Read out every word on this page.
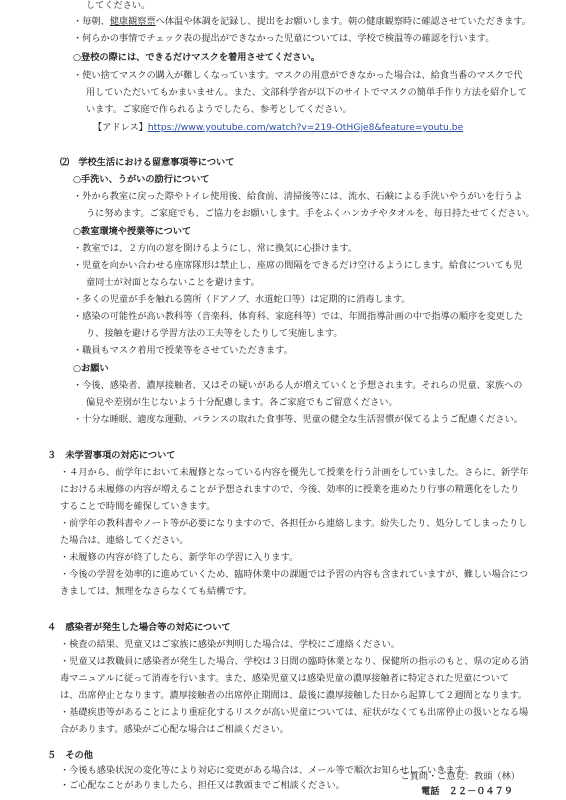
してください。
・毎朝、健康観察票へ体温や体調を記録し、提出をお願いします。朝の健康観察時に確認させていただきます。
・何らかの事情でチェック表の提出ができなかった児童については、学校で検温等の確認を行います。
○登校の際には、できるだけマスクを着用させてください。
・使い捨てマスクの購入が難しくなっています。マスクの用意ができなかった場合は、給食当番のマスクで代
用していただいてもかまいません。また、文部科学省が以下のサイトでマスクの簡単手作り方法を紹介して
います。ご家庭で作られるようでしたら、参考としてください。
【アドレス】https://www.youtube.com/watch?v=219-OtHGje8&feature=youtu.be
⑵　学校生活における留意事項等について
○手洗い、うがいの励行について
・外から教室に戻った際やトイレ使用後、給食前、清掃後等には、流水、石鹸による手洗いやうがいを行うよ
うに努めます。ご家庭でも、ご協力をお願いします。手をふくハンカチやタオルを、毎日持たせてください。
○教室環境や授業等について
・教室では、２方向の窓を開けるようにし、常に換気に心掛けます。
・児童を向かい合わせる座席隊形は禁止し、座席の間隔をできるだけ空けるようにします。給食についても児
童同士が対面とならないことを避けます。
・多くの児童が手を触れる箇所（ドアノブ、水道蛇口等）は定期的に消毒します。
・感染の可能性が高い教科等（音楽科、体育科、家庭科等）では、年間指導計画の中で指導の順序を変更した
り、接触を避ける学習方法の工夫等をしたりして実施します。
・職員もマスク着用で授業等をさせていただきます。
○お願い
・今後、感染者、濃厚接触者、又はその疑いがある人が増えていくと予想されます。それらの児童、家族への
偏見や差別が生じないよう十分配慮します。各ご家庭でもご留意ください。
・十分な睡眠、適度な運動、バランスの取れた食事等、児童の健全な生活習慣が保てるようご配慮ください。
３　未学習事項の対応について
・４月から、前学年において未履修となっている内容を優先して授業を行う計画をしていました。さらに、新学年
における未履修の内容が増えることが予想されますので、今後、効率的に授業を進めたり行事の精選化をしたり
することで時間を確保していきます。
・前学年の教科書やノート等が必要になりますので、各担任から連絡します。紛失したり、処分してしまったりし
た場合は、連絡してください。
・未履修の内容が終了したら、新学年の学習に入ります。
・今後の学習を効率的に進めていくため、臨時休業中の課題では予習の内容も含まれていますが、難しい場合につ
きましては、無理をなさらなくても結構です。
４　感染者が発生した場合等の対応について
・検査の結果、児童又はご家族に感染が判明した場合は、学校にご連絡ください。
・児童又は教職員に感染者が発生した場合、学校は３日間の臨時休業となり、保健所の指示のもと、県の定める消
毒マニュアルに従って消毒を行います。また、感染児童又は感染児童の濃厚接触者に特定された児童について
は、出席停止となります。濃厚接触者の出席停止期間は、最後に濃厚接触した日から起算して２週間となります。
・基礎疾患等があることにより重症化するリスクが高い児童については、症状がなくても出席停止の扱いとなる場
合があります。感染がご心配な場合はご相談ください。
５　その他
・今後も感染状況の変化等により対応に変更がある場合は、メール等で順次お知らせしていきます。
・ご心配なことがありましたら、担任又は教頭までご相談ください。
ご質問・ご意見：教頭（林）
電話　２２－０４７９
